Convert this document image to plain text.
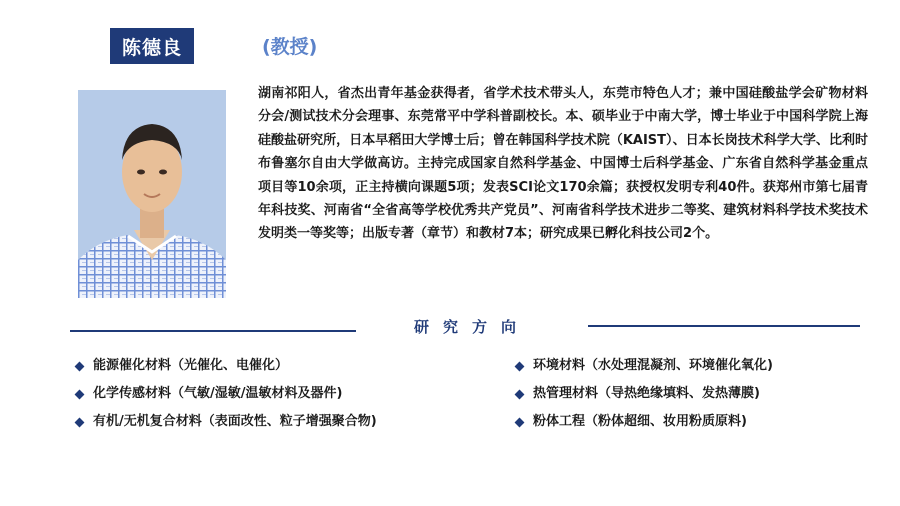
陈德良	(教授)
湖南祁阳人，省杰出青年基金获得者，省学术技术带头人，东莞市特色人才；兼中国硅酸盐学会矿物材料分会/测试技术分会理事、东莞常平中学科普副校长。本、硕毕业于中南大学，博士毕业于中国科学院上海硅酸盐研究所，日本早稻田大学博士后；曾在韩国科学技术院（KAIST）、日本长岗技术科学大学、比利时布鲁塞尔自由大学做高访。主持完成国家自然科学基金、中国博士后科学基金、广东省自然科学基金重点项目等10余项，正主持横向课题5项；发表SCI论文170余篇；获授权发明专利40件。获郑州市第七届青年科技奖、河南省“全省高等学校优秀共产党员”、河南省科学技术进步二等奖、建筑材料科学技术奖技术发明类一等奖等；出版专著（章节）和教材7本；研究成果已孵化科技公司2个。
研究方向
能源催化材料（光催化、电催化）
化学传感材料（气敏/湿敏/温敏材料及器件)
有机/无机复合材料（表面改性、粒子增强聚合物)
环境材料（水处理混凝剂、环境催化氧化)
热管理材料（导热绝缘填料、发热薄膜)
粉体工程（粉体超细、妆用粉质原料)
